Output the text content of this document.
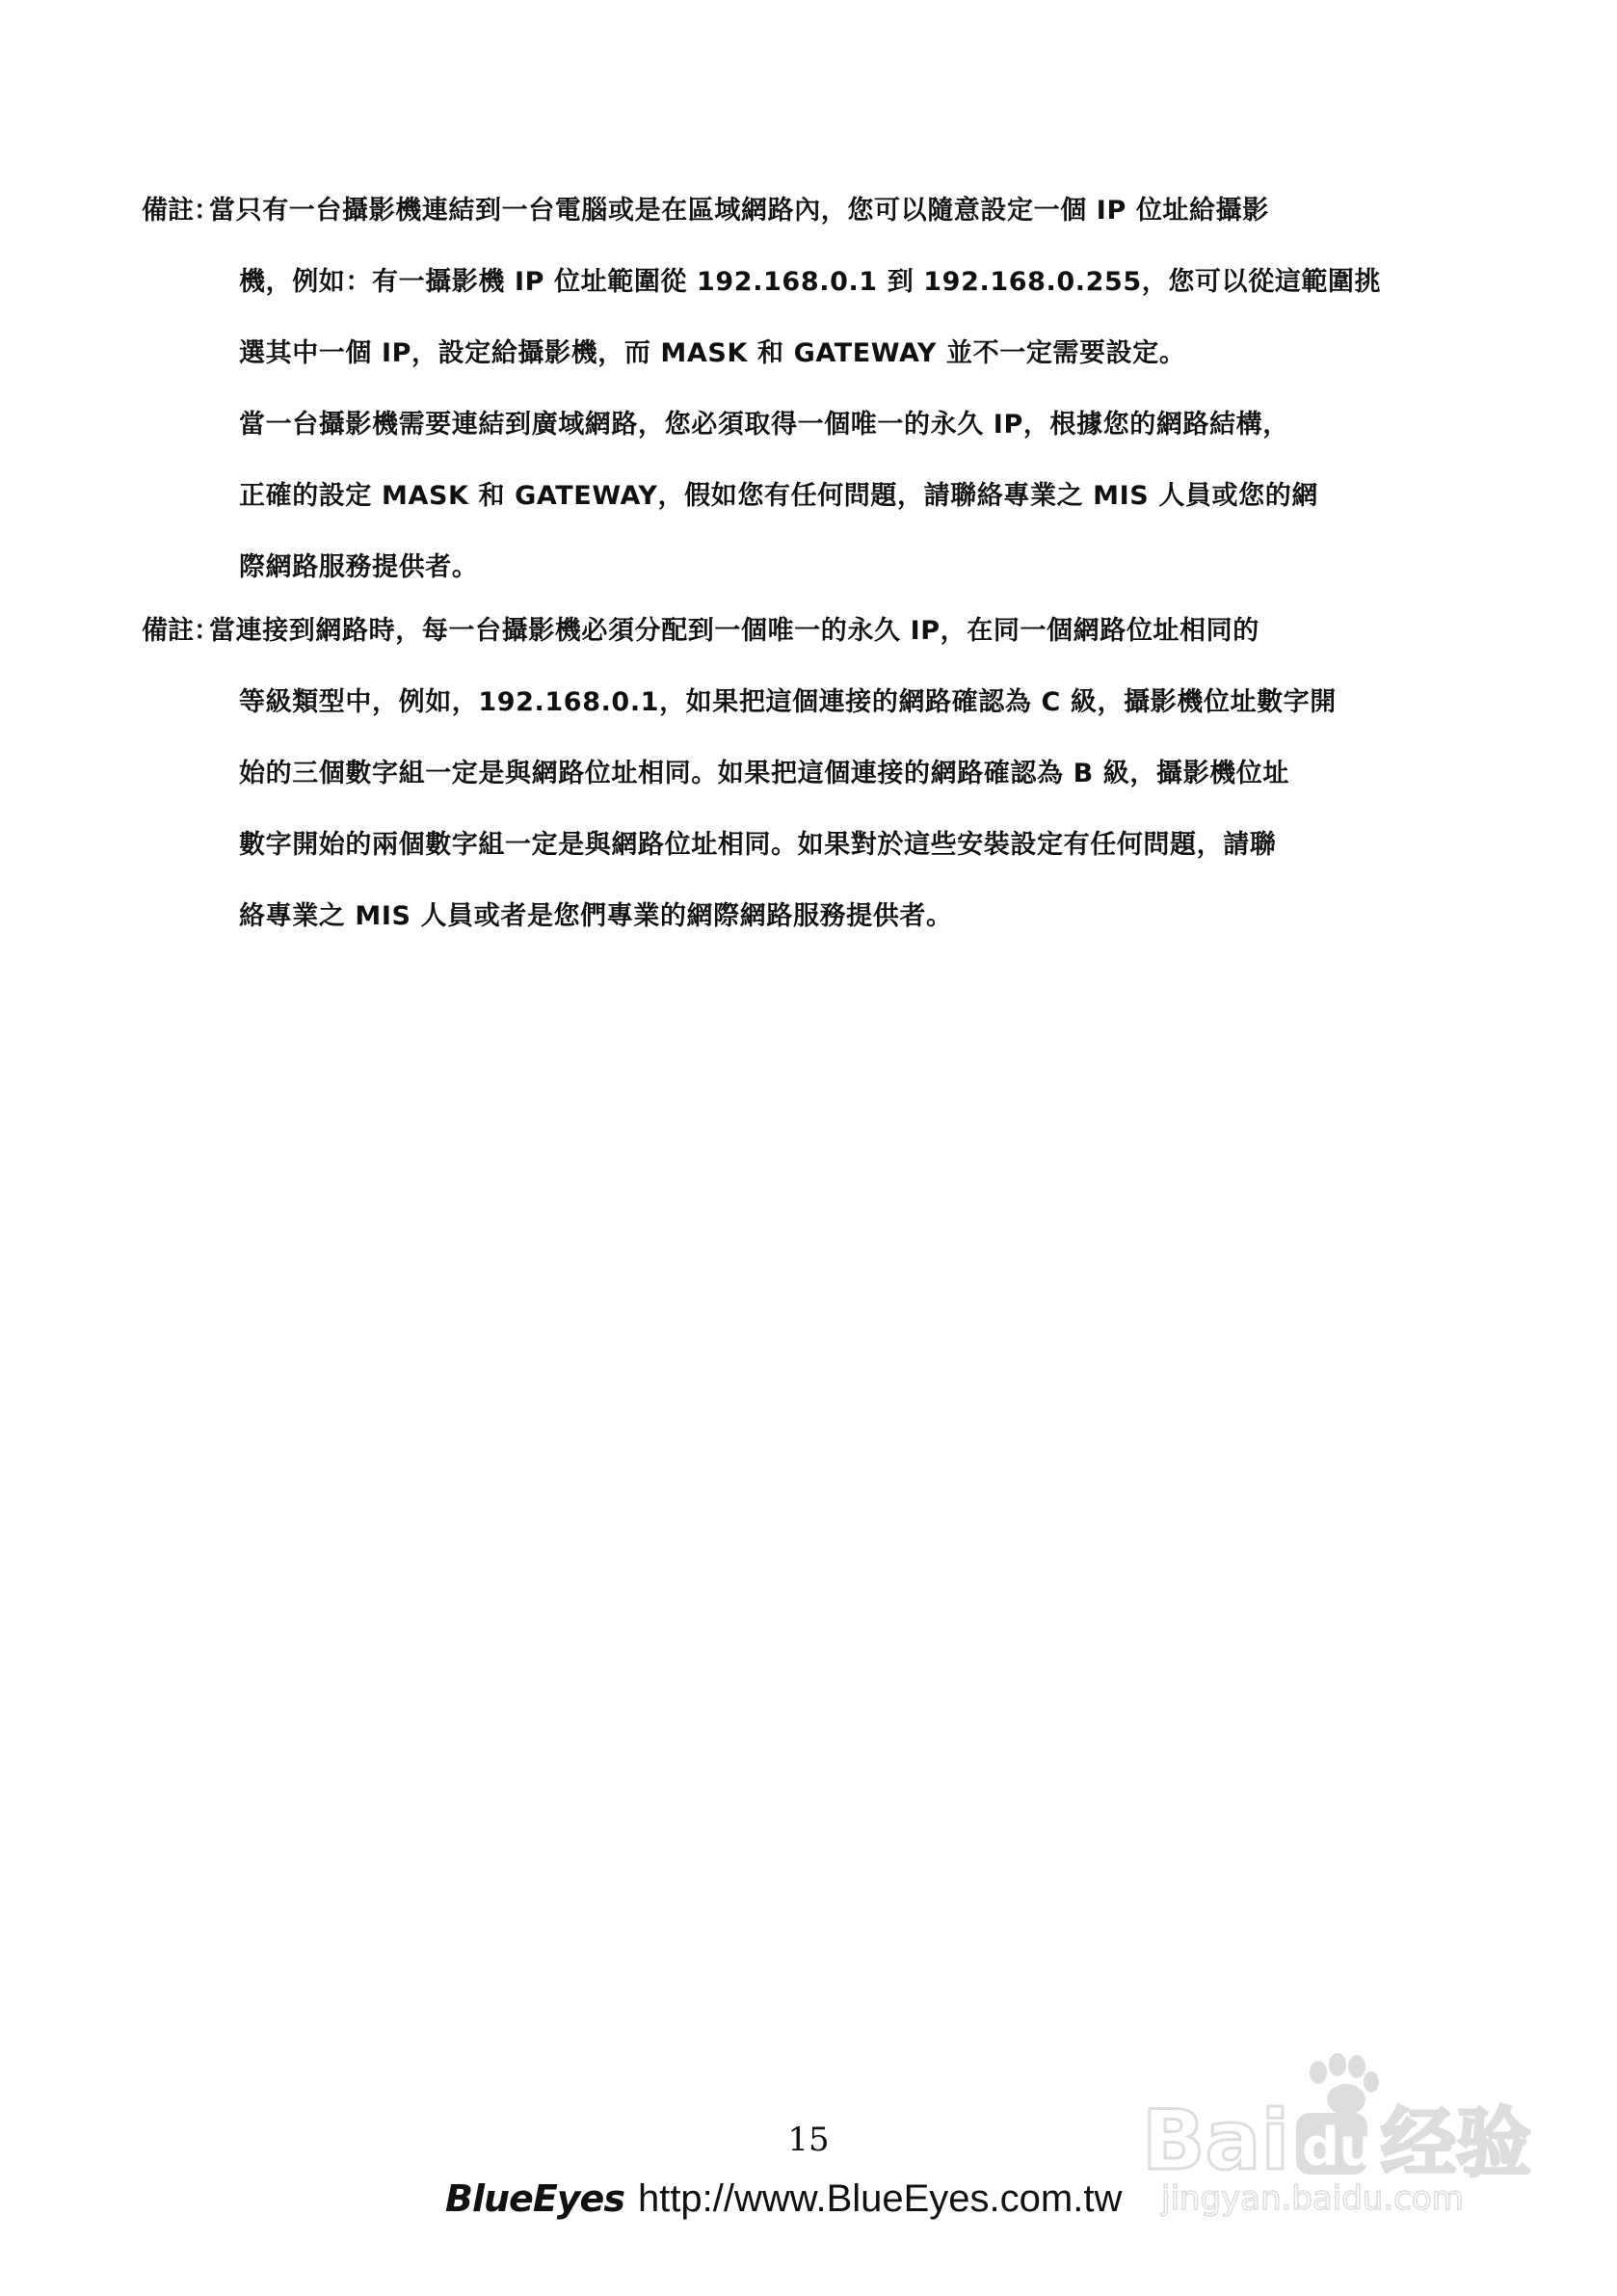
備註：
當只有一台攝影機連結到一台電腦或是在區域網路內，您可以隨意設定一個 IP 位址給攝影
機，例如：有一攝影機 IP 位址範圍從 192.168.0.1 到 192.168.0.255，您可以從這範圍挑
選其中一個 IP，設定給攝影機，而 MASK 和 GATEWAY 並不一定需要設定。
當一台攝影機需要連結到廣域網路，您必須取得一個唯一的永久 IP，根據您的網路結構，
正確的設定 MASK 和 GATEWAY，假如您有任何問題，請聯絡專業之 MIS 人員或您的網
際網路服務提供者。
備註：
當連接到網路時，每一台攝影機必須分配到一個唯一的永久 IP，在同一個網路位址相同的
等級類型中，例如，192.168.0.1，如果把這個連接的網路確認為 C 級，攝影機位址數字開
始的三個數字組一定是與網路位址相同。如果把這個連接的網路確認為 B 級，攝影機位址
數字開始的兩個數字組一定是與網路位址相同。如果對於這些安裝設定有任何問題，請聯
絡專業之 MIS 人員或者是您們專業的網際網路服務提供者。
15
BlueEyes http://www.BlueEyes.com.tw
Bai du 经验
jingyan.baidu.com
